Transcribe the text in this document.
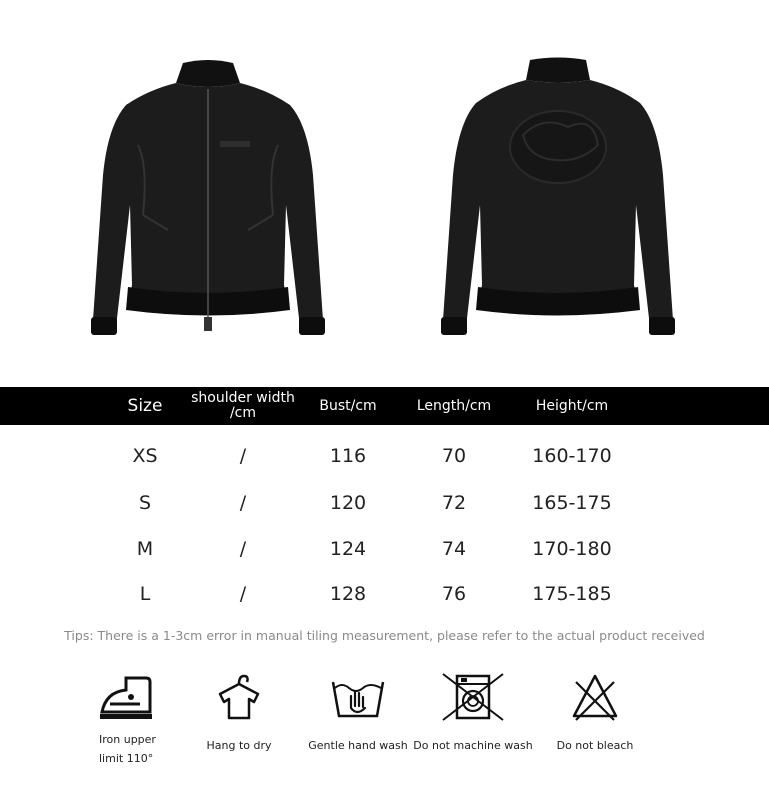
Size	shoulder width /cm	Bust/cm	Length/cm	Height/cm
XS	/	116	70	160-170
S	/	120	72	165-175
M	/	124	74	170-180
L	/	128	76	175-185
Tips: There is a 1-3cm error in manual tiling measurement, please refer to the actual product received
Iron upper
limit 110°
Hang to dry	Gentle hand wash Do not machine wash	Do not bleach
